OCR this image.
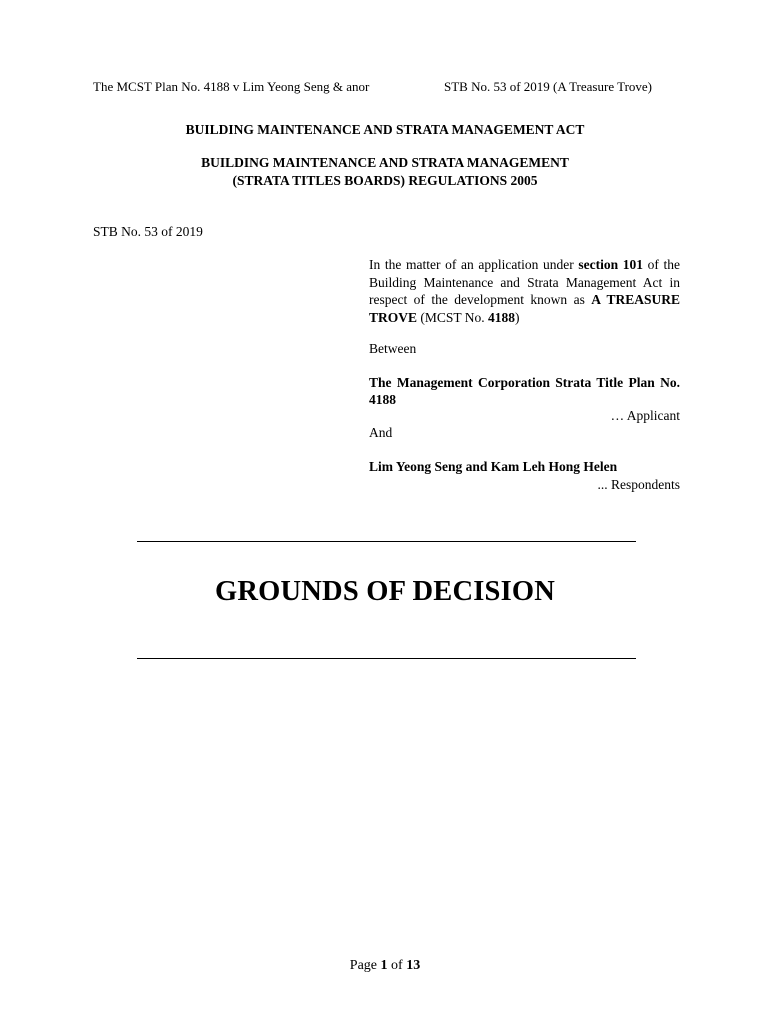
The MCST Plan No. 4188 v Lim Yeong Seng & anor	STB No. 53 of 2019 (A Treasure Trove)
BUILDING MAINTENANCE AND STRATA MANAGEMENT ACT
BUILDING MAINTENANCE AND STRATA MANAGEMENT
(STRATA TITLES BOARDS) REGULATIONS 2005
STB No. 53 of 2019
In the matter of an application under section 101 of the Building Maintenance and Strata Management Act in respect of the development known as A TREASURE TROVE (MCST No. 4188)
Between
The Management Corporation Strata Title Plan No. 4188
… Applicant
And
Lim Yeong Seng and Kam Leh Hong Helen
... Respondents
GROUNDS OF DECISION
Page 1 of 13
